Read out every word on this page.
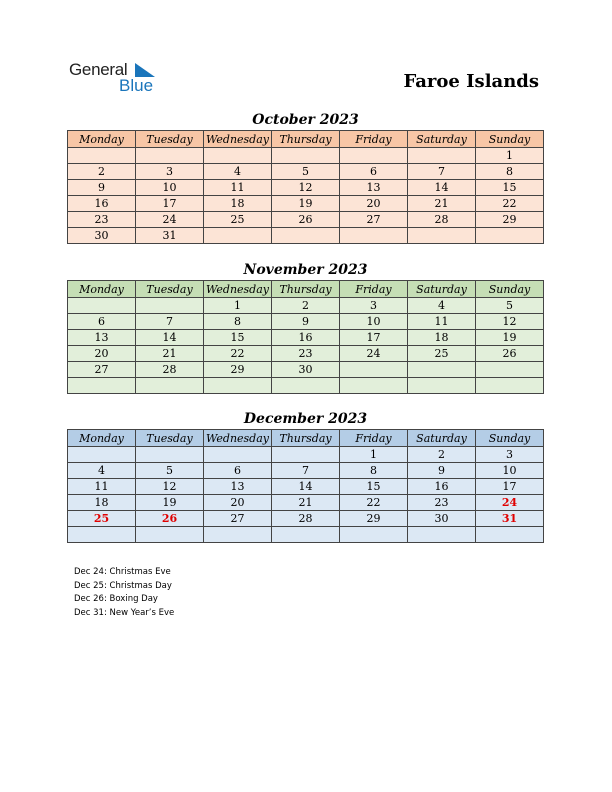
General
Blue	Faroe Islands
October 2023
Monday	Tuesday	Wednesday	Thursday	Friday	Saturday	Sunday
						1
2	3	4	5	6	7	8
9	10	11	12	13	14	15
16	17	18	19	20	21	22
23	24	25	26	27	28	29
30	31					
November 2023
Monday	Tuesday	Wednesday	Thursday	Friday	Saturday	Sunday
		1	2	3	4	5
6	7	8	9	10	11	12
13	14	15	16	17	18	19
20	21	22	23	24	25	26
27	28	29	30			

December 2023
Monday	Tuesday	Wednesday	Thursday	Friday	Saturday	Sunday
				1	2	3
4	5	6	7	8	9	10
11	12	13	14	15	16	17
18	19	20	21	22	23	24
25	26	27	28	29	30	31

Dec 24: Christmas Eve
Dec 25: Christmas Day
Dec 26: Boxing Day
Dec 31: New Year’s Eve
